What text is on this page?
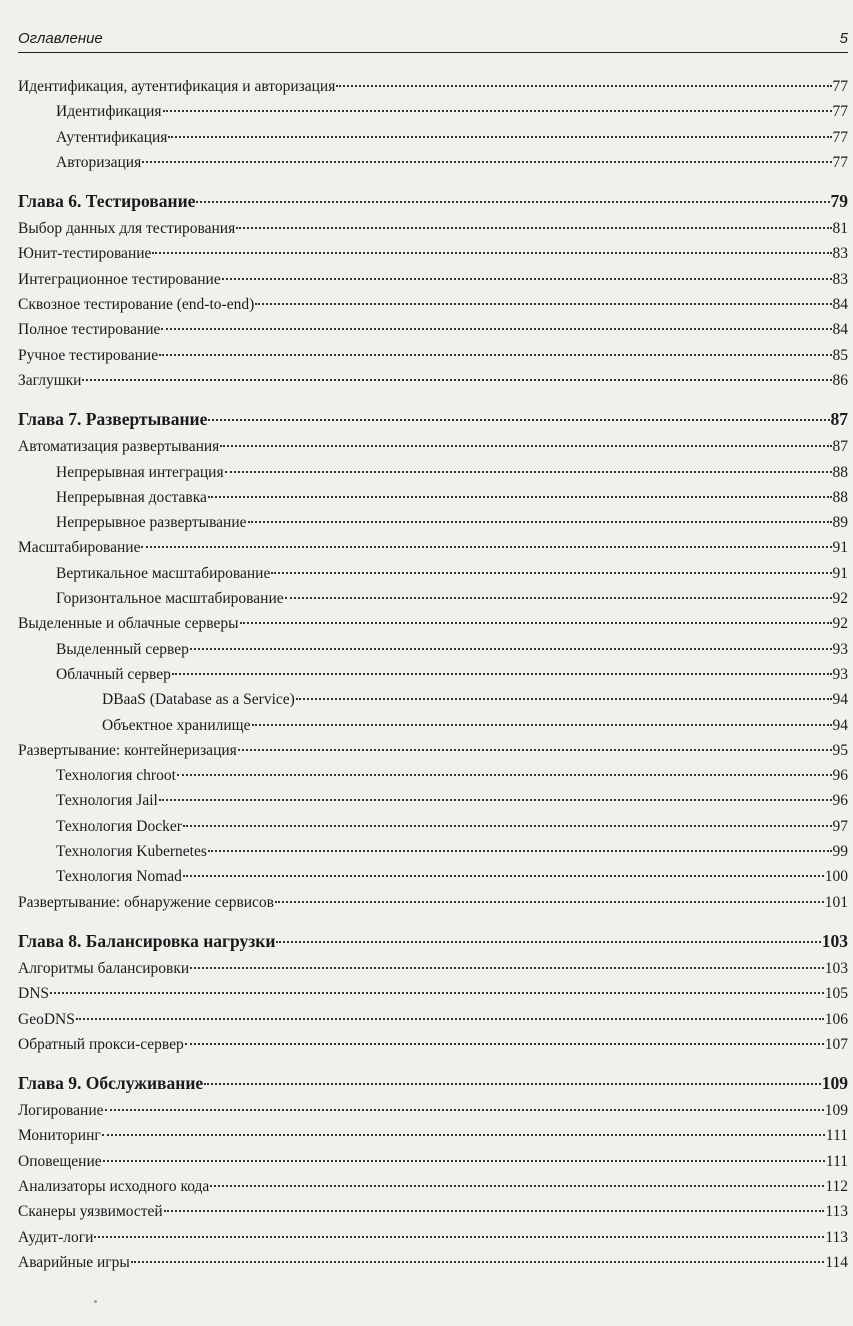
Оглавление	5
Идентификация, аутентификация и авторизация	77
Идентификация	77
Аутентификация	77
Авторизация	77
Глава 6. Тестирование	79
Выбор данных для тестирования	81
Юнит-тестирование	83
Интеграционное тестирование	83
Сквозное тестирование (end-to-end)	84
Полное тестирование	84
Ручное тестирование	85
Заглушки	86
Глава 7. Развертывание	87
Автоматизация развертывания	87
Непрерывная интеграция	88
Непрерывная доставка	88
Непрерывное развертывание	89
Масштабирование	91
Вертикальное масштабирование	91
Горизонтальное масштабирование	92
Выделенные и облачные серверы	92
Выделенный сервер	93
Облачный сервер	93
DBaaS (Database as a Service)	94
Объектное хранилище	94
Развертывание: контейнеризация	95
Технология chroot	96
Технология Jail	96
Технология Docker	97
Технология Kubernetes	99
Технология Nomad	100
Развертывание: обнаружение сервисов	101
Глава 8. Балансировка нагрузки	103
Алгоритмы балансировки	103
DNS	105
GeoDNS	106
Обратный прокси-сервер	107
Глава 9. Обслуживание	109
Логирование	109
Мониторинг	111
Оповещение	111
Анализаторы исходного кода	112
Сканеры уязвимостей	113
Аудит-логи	113
Аварийные игры	114
